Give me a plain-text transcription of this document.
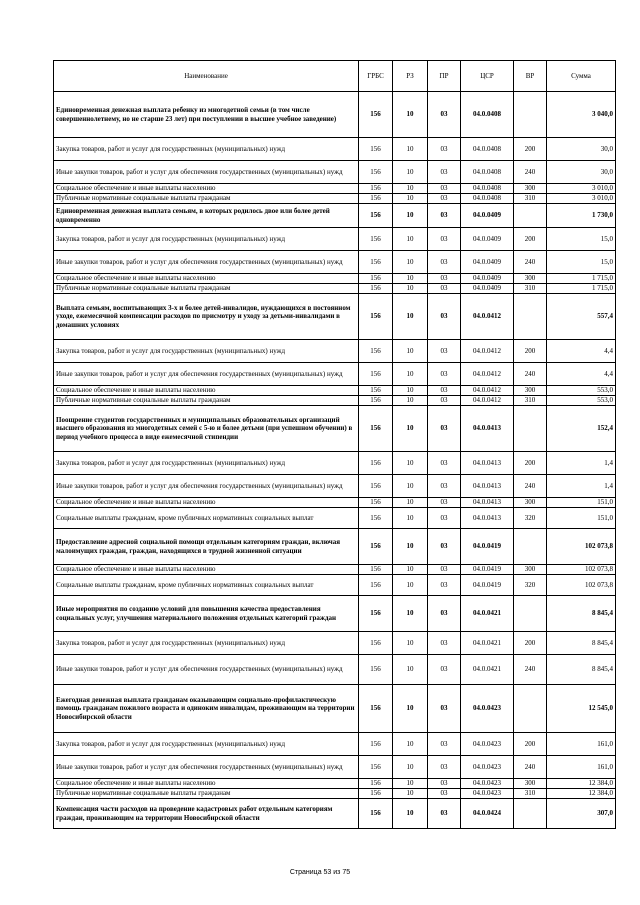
Наименование	ГРБС	РЗ	ПР	ЦСР	ВР	Сумма
Единовременная денежная выплата ребенку из многодетной семьи (в том числе совершеннолетнему, но не старше 23 лет) при поступлении в высшее учебное заведение)	156	10	03	04.0.0408		3 040,0
Закупка товаров, работ и услуг для государственных (муниципальных) нужд	156	10	03	04.0.0408	200	30,0
Иные закупки товаров, работ и услуг для обеспечения государственных (муниципальных) нужд	156	10	03	04.0.0408	240	30,0
Социальное обеспечение и иные выплаты населению	156	10	03	04.0.0408	300	3 010,0
Публичные нормативные социальные выплаты гражданам	156	10	03	04.0.0408	310	3 010,0
Единовременная денежная выплата семьям, в которых родилось двое или более детей одновременно	156	10	03	04.0.0409		1 730,0
Закупка товаров, работ и услуг для государственных (муниципальных) нужд	156	10	03	04.0.0409	200	15,0
Иные закупки товаров, работ и услуг для обеспечения государственных (муниципальных) нужд	156	10	03	04.0.0409	240	15,0
Социальное обеспечение и иные выплаты населению	156	10	03	04.0.0409	300	1 715,0
Публичные нормативные социальные выплаты гражданам	156	10	03	04.0.0409	310	1 715,0
Выплата семьям, воспитывающих 3-х и более детей-инвалидов, нуждающихся в постоянном уходе, ежемесячной компенсации расходов по присмотру и уходу за детьми-инвалидами в домашних условиях	156	10	03	04.0.0412		557,4
Закупка товаров, работ и услуг для государственных (муниципальных) нужд	156	10	03	04.0.0412	200	4,4
Иные закупки товаров, работ и услуг для обеспечения государственных (муниципальных) нужд	156	10	03	04.0.0412	240	4,4
Социальное обеспечение и иные выплаты населению	156	10	03	04.0.0412	300	553,0
Публичные нормативные социальные выплаты гражданам	156	10	03	04.0.0412	310	553,0
Поощрение студентов государственных и муниципальных образовательных организаций высшего образования из многодетных семей с 5-ю и более детьми (при успешном обучении) в период учебного процесса в виде ежемесячной стипендии	156	10	03	04.0.0413		152,4
Закупка товаров, работ и услуг для государственных (муниципальных) нужд	156	10	03	04.0.0413	200	1,4
Иные закупки товаров, работ и услуг для обеспечения государственных (муниципальных) нужд	156	10	03	04.0.0413	240	1,4
Социальное обеспечение и иные выплаты населению	156	10	03	04.0.0413	300	151,0
Социальные выплаты гражданам, кроме публичных нормативных социальных выплат	156	10	03	04.0.0413	320	151,0
Предоставление адресной социальной помощи отдельным категориям граждан, включая малоимущих граждан, граждан, находящихся в трудной жизненной ситуации	156	10	03	04.0.0419		102 073,8
Социальное обеспечение и иные выплаты населению	156	10	03	04.0.0419	300	102 073,8
Социальные выплаты гражданам, кроме публичных нормативных социальных выплат	156	10	03	04.0.0419	320	102 073,8
Иные мероприятия по созданию условий для повышения качества предоставления социальных услуг, улучшения материального положения отдельных категорий граждан	156	10	03	04.0.0421		8 845,4
Закупка товаров, работ и услуг для государственных (муниципальных) нужд	156	10	03	04.0.0421	200	8 845,4
Иные закупки товаров, работ и услуг для обеспечения государственных (муниципальных) нужд	156	10	03	04.0.0421	240	8 845,4
Ежегодная денежная выплата гражданам оказывающим социально-профилактическую помощь гражданам пожилого возраста и одиноким инвалидам, проживающим на территории Новосибирской области	156	10	03	04.0.0423		12 545,0
Закупка товаров, работ и услуг для государственных (муниципальных) нужд	156	10	03	04.0.0423	200	161,0
Иные закупки товаров, работ и услуг для обеспечения государственных (муниципальных) нужд	156	10	03	04.0.0423	240	161,0
Социальное обеспечение и иные выплаты населению	156	10	03	04.0.0423	300	12 384,0
Публичные нормативные социальные выплаты гражданам	156	10	03	04.0.0423	310	12 384,0
Компенсация части расходов на проведение кадастровых работ отдельным категориям граждан, проживающим на территории Новосибирской области	156	10	03	04.0.0424		307,0
Страница 53 из 75
